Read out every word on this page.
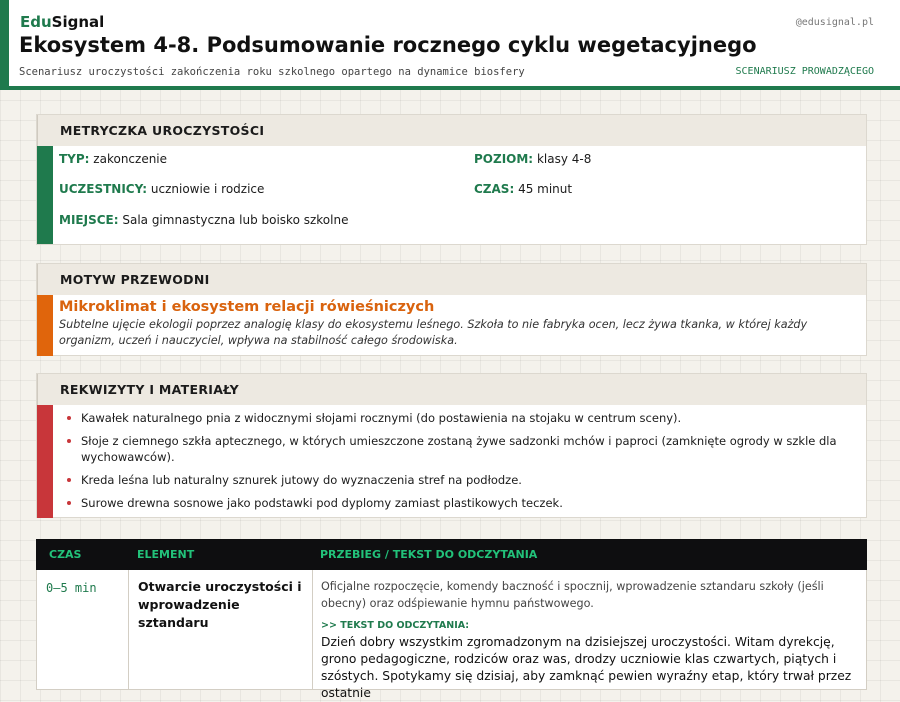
EduSignal	@edusignal.pl
Ekosystem 4-8. Podsumowanie rocznego cyklu wegetacyjnego
Scenariusz uroczystości zakończenia roku szkolnego opartego na dynamice biosfery	SCENARIUSZ PROWADZĄCEGO
METRYCZKA UROCZYSTOŚCI
TYP: zakonczenie	POZIOM: klasy 4-8
UCZESTNICY: uczniowie i rodzice	CZAS: 45 minut
MIEJSCE: Sala gimnastyczna lub boisko szkolne
MOTYW PRZEWODNI
Mikroklimat i ekosystem relacji rówieśniczych
Subtelne ujęcie ekologii poprzez analogię klasy do ekosystemu leśnego. Szkoła to nie fabryka ocen, lecz żywa tkanka, w której każdy organizm, uczeń i nauczyciel, wpływa na stabilność całego środowiska.
REKWIZYTY I MATERIAŁY
Kawałek naturalnego pnia z widocznymi słojami rocznymi (do postawienia na stojaku w centrum sceny).
Słoje z ciemnego szkła aptecznego, w których umieszczone zostaną żywe sadzonki mchów i paproci (zamknięte ogrody w szkle dla wychowawców).
Kreda leśna lub naturalny sznurek jutowy do wyznaczenia stref na podłodze.
Surowe drewna sosnowe jako podstawki pod dyplomy zamiast plastikowych teczek.
CZAS	ELEMENT	PRZEBIEG / TEKST DO ODCZYTANIA
0–5 min	Otwarcie uroczystości i wprowadzenie sztandaru
Oficjalne rozpoczęcie, komendy baczność i spocznij, wprowadzenie sztandaru szkoły (jeśli obecny) oraz odśpiewanie hymnu państwowego.
>> TEKST DO ODCZYTANIA:
Dzień dobry wszystkim zgromadzonym na dzisiejszej uroczystości. Witam dyrekcję, grono pedagogiczne, rodziców oraz was, drodzy uczniowie klas czwartych, piątych i szóstych. Spotykamy się dzisiaj, aby zamknąć pewien wyraźny etap, który trwał przez ostatnie
